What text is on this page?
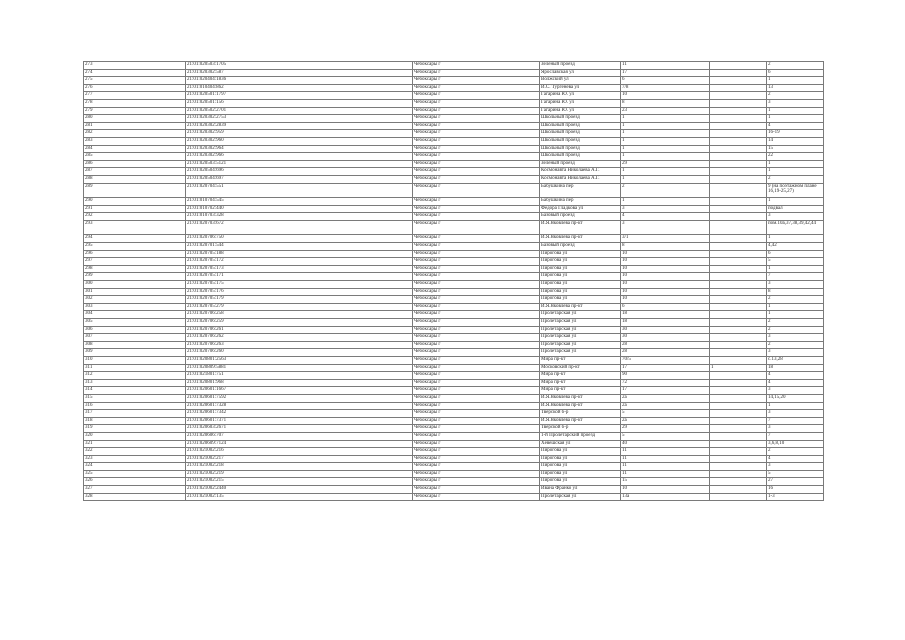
273	21:01:020503:1705	Чебоксары г	Зеленый проезд	11		2
274	21:01:020302:587	Чебоксары г	Ярославская ул	17		6
275	21:01:020404:1836	Чебоксары г	Волжский ул	6		1
276	21:01:010404:862	Чебоксары г	И.С. Тургенева ул	7/8		13
277	21:01:020501:1797	Чебоксары г	Гагарина Ю. ул	10		2
278	21:01:020501:156	Чебоксары г	Гагарина Ю. ул	8		3
279	21:01:020502:2701	Чебоксары г	Гагарина Ю. ул	23		1
280	21:01:020302:2753	Чебоксары г	Школьный проезд	1		1
281	21:01:020302:2839	Чебоксары г	Школьный проезд	1		4
282	21:01:020302:959	Чебоксары г	Школьный проезд	1		16-19
283	21:01:020302:960	Чебоксары г	Школьный проезд	1		14
284	21:01:020302:964	Чебоксары г	Школьный проезд	1		15
285	21:01:020302:966	Чебоксары г	Школьный проезд	1		22
286	21:01:020503:5121	Чебоксары г	Зеленый проезд	29		1
287	21:01:020504:696	Чебоксары г	Космонавта Николаева А.Г.	1		1
288	21:01:020504:697	Чебоксары г	Космонавта Николаева А.Г.	1		2
289	21:01:020704:551	Чебоксары г	Бабушкина пер	2		9 (на поэтажном плане 16,19-25,27)
290	21:01:010704:545	Чебоксары г	Бабушкина пер	1		1
291	21:01:010702:440	Чебоксары г	Федора Гладкова ул	3		подвал
292	21:01:010703:328	Чебоксары г	Базовый проезд	4		3
293	21:01:020703:672	Чебоксары г	И.Я.Яковлева пр-кт	3		пом.10а,37,38,39,42,44
294	21:01:020706:750	Чебоксары г	И.Я.Яковлева пр-кт	3/1		1
295	21:01:020701:544	Чебоксары г	Базовый проезд	8		4,42
296	21:01:020705:188	Чебоксары г	Пирогова ул	10		6
297	21:01:020705:172	Чебоксары г	Пирогова ул	10		5
298	21:01:020705:173	Чебоксары г	Пирогова ул	10		1
299	21:01:020705:171	Чебоксары г	Пирогова ул	10		7
300	21:01:020705:175	Чебоксары г	Пирогова ул	10		3
301	21:01:020705:176	Чебоксары г	Пирогова ул	10		8
302	21:01:020705:179	Чебоксары г	Пирогова ул	10		2
303	21:01:020705:279	Чебоксары г	И.Я.Яковлева пр-кт	6		1
304	21:01:020706:258	Чебоксары г	Пролетарская ул	18		1
305	21:01:020706:259	Чебоксары г	Пролетарская ул	18		2
306	21:01:020706:261	Чебоксары г	Пролетарская ул	30		2
307	21:01:020706:262	Чебоксары г	Пролетарская ул	30		3
308	21:01:020706:263	Чебоксары г	Пролетарская ул	28		2
309	21:01:020706:260	Чебоксары г	Пролетарская ул	28		3
310	21:01:020801:2563	Чебоксары г	Мира пр-кт	70/5		с.13,28
311	21:01:020809:5881	Чебоксары г	Московский пр-кт	17	1	18
312	21:01:021801:751	Чебоксары г	Мира пр-кт	90		4
313	21:01:020801:968	Чебоксары г	Мира пр-кт	72		4
314	21:01:020601:1667	Чебоксары г	Мира пр-кт	17		3
315	21:01:020601:7592	Чебоксары г	И.Я.Яковлева пр-кт	2а		14,15,20
316	21:01:020601:7328	Чебоксары г	И.Я.Яковлева пр-кт	2а		1
317	21:01:020601:7342	Чебоксары г	Тверской б-р	5		3
318	21:01:020601:7371	Чебоксары г	И.Я.Яковлева пр-кт	2а		7
319	21:01:020603:2671	Чебоксары г	Тверской б-р	29		3
320	21:01:020606:707	Чебоксары г	1-й Пролетарский проезд	5		7
321	21:01:020609:7124	Чебоксары г	Хевешская ул	40		3,6,8,10
322	21:01:021002:216	Чебоксары г	Пирогова ул	11		2
323	21:01:021002:217	Чебоксары г	Пирогова ул	11		4
324	21:01:021002:218	Чебоксары г	Пирогова ул	11		3
325	21:01:021002:219	Чебоксары г	Пирогова ул	11		5
326	21:01:021002:215	Чебоксары г	Пирогова ул	15		27
327	21:01:021002:2440	Чебоксары г	Ивана Франко ул	10		16
328	21:01:021002:135	Чебоксары г	Пролетарская ул	13а		1-3
